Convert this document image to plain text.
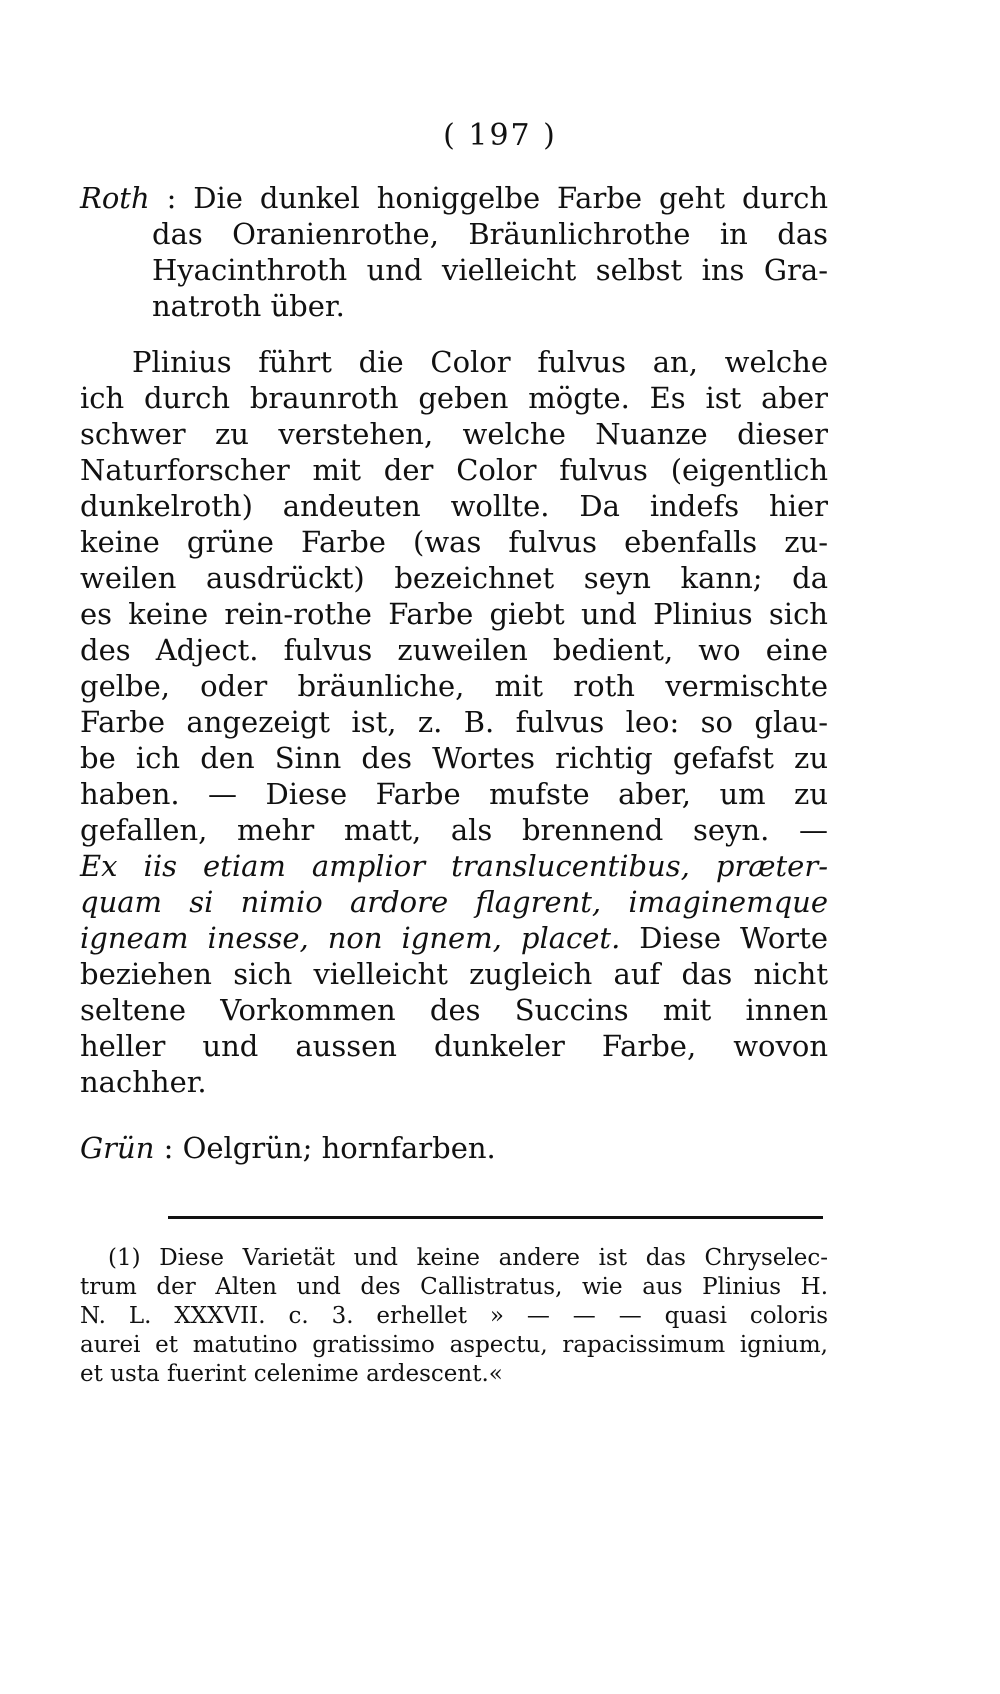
( 197 )
Roth : Die dunkel honiggelbe Farbe geht durch
das Oranienrothe, Bräunlichrothe in das
Hyacinthroth und vielleicht selbst ins Gra-
natroth über.
Plinius führt die Color fulvus an, welche
ich durch braunroth geben mögte. Es ist aber
schwer zu verstehen, welche Nuanze dieser
Naturforscher mit der Color fulvus (eigentlich
dunkelroth) andeuten wollte. Da indefs hier
keine grüne Farbe (was fulvus ebenfalls zu-
weilen ausdrückt) bezeichnet seyn kann; da
es keine rein-rothe Farbe giebt und Plinius sich
des Adject. fulvus zuweilen bedient, wo eine
gelbe, oder bräunliche, mit roth vermischte
Farbe angezeigt ist, z. B. fulvus leo: so glau-
be ich den Sinn des Wortes richtig gefafst zu
haben. — Diese Farbe mufste aber, um zu
gefallen, mehr matt, als brennend seyn. —
Ex iis etiam amplior translucentibus, præter-
quam si nimio ardore flagrent, imaginemque
igneam inesse, non ignem, placet. Diese Worte
beziehen sich vielleicht zugleich auf das nicht
seltene Vorkommen des Succins mit innen
heller und aussen dunkeler Farbe, wovon
nachher.
Grün : Oelgrün; hornfarben.
(1) Diese Varietät und keine andere ist das Chryselec-
trum der Alten und des Callistratus, wie aus Plinius H.
N. L. XXXVII. c. 3. erhellet » — — — quasi coloris
aurei et matutino gratissimo aspectu, rapacissimum ignium,
et usta fuerint celenime ardescent.«
